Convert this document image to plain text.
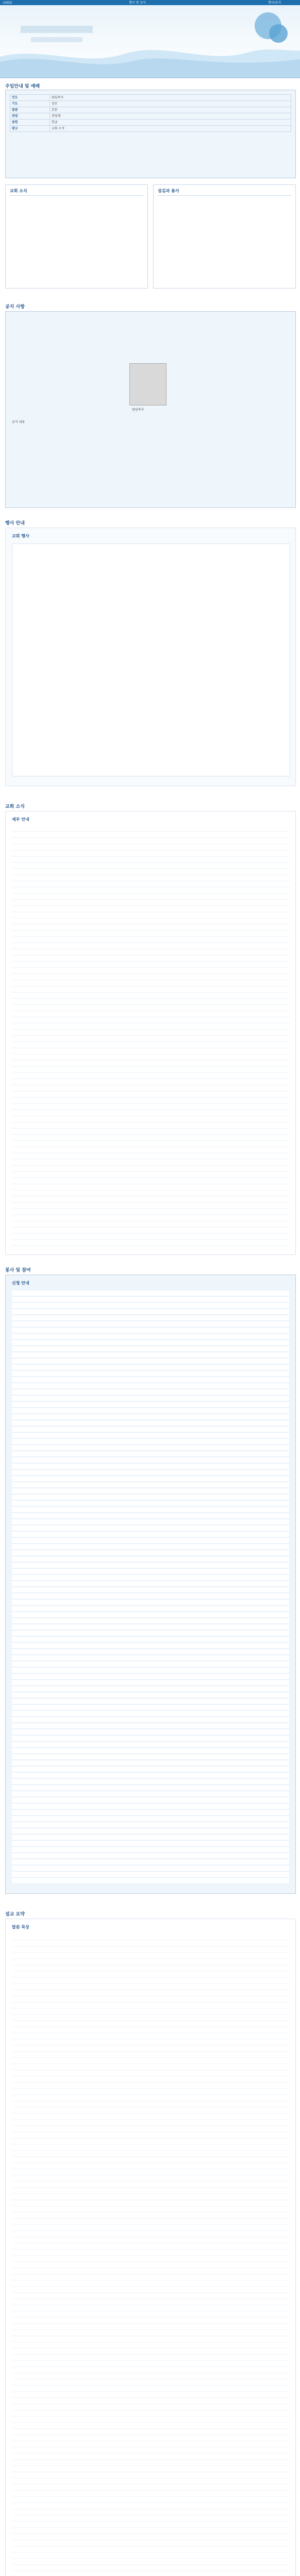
LOGO	행사 및 공지	행사/공지
주일안내 및 예배
인도	담임목사
기도	장로
말씀	본문
찬양	찬양대
봉헌	헌금
광고	교회 소식
교회 소식	섬김과 봉사
공지 사항
담임목사
공지 내용
행사 안내
교회 행사
교회 소식
세부 안내
봉사 및 참여
신청 안내
설교 요약
말씀 묵상
